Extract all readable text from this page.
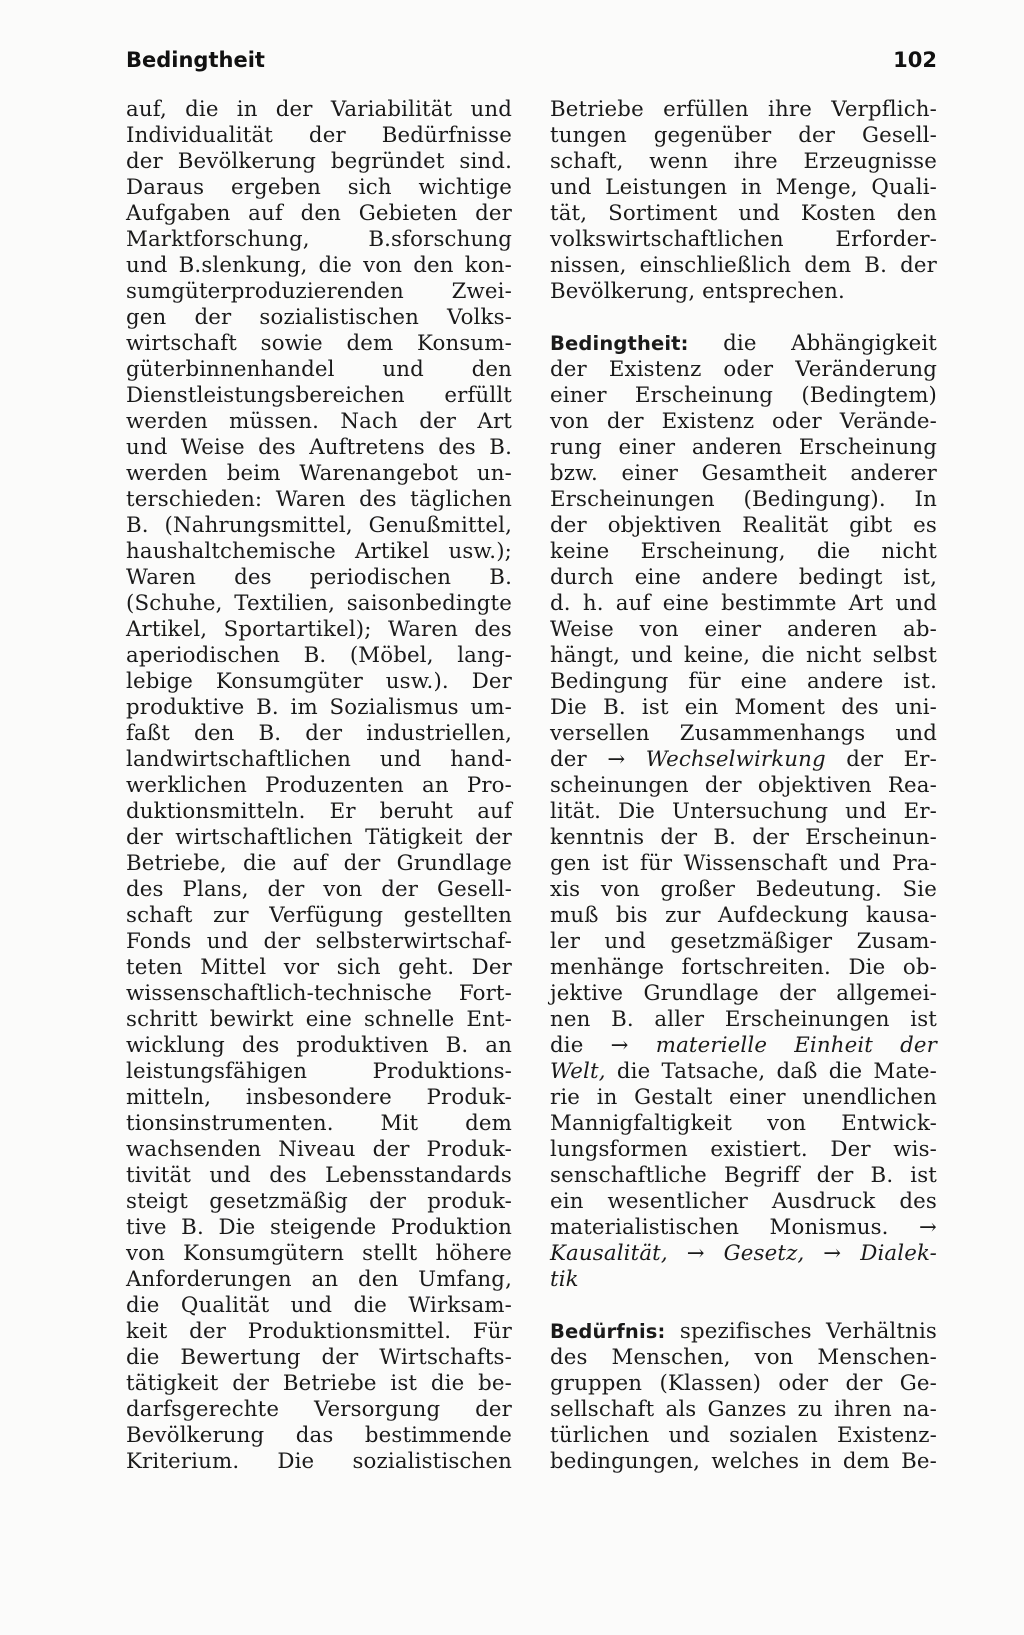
Bedingtheit	102
auf, die in der Variabilität und
Individualität der Bedürfnisse
der Bevölkerung begründet sind.
Daraus ergeben sich wichtige
Aufgaben auf den Gebieten der
Marktforschung, B.sforschung
und B.slenkung, die von den kon-
sumgüterproduzierenden Zwei-
gen der sozialistischen Volks-
wirtschaft sowie dem Konsum-
güterbinnenhandel und den
Dienstleistungsbereichen erfüllt
werden müssen. Nach der Art
und Weise des Auftretens des B.
werden beim Warenangebot un-
terschieden: Waren des täglichen
B. (Nahrungsmittel, Genußmittel,
haushaltchemische Artikel usw.);
Waren des periodischen B.
(Schuhe, Textilien, saisonbedingte
Artikel, Sportartikel); Waren des
aperiodischen B. (Möbel, lang-
lebige Konsumgüter usw.). Der
produktive B. im Sozialismus um-
faßt den B. der industriellen,
landwirtschaftlichen und hand-
werklichen Produzenten an Pro-
duktionsmitteln. Er beruht auf
der wirtschaftlichen Tätigkeit der
Betriebe, die auf der Grundlage
des Plans, der von der Gesell-
schaft zur Verfügung gestellten
Fonds und der selbsterwirtschaf-
teten Mittel vor sich geht. Der
wissenschaftlich-technische Fort-
schritt bewirkt eine schnelle Ent-
wicklung des produktiven B. an
leistungsfähigen Produktions-
mitteln, insbesondere Produk-
tionsinstrumenten. Mit dem
wachsenden Niveau der Produk-
tivität und des Lebensstandards
steigt gesetzmäßig der produk-
tive B. Die steigende Produktion
von Konsumgütern stellt höhere
Anforderungen an den Umfang,
die Qualität und die Wirksam-
keit der Produktionsmittel. Für
die Bewertung der Wirtschafts-
tätigkeit der Betriebe ist die be-
darfsgerechte Versorgung der
Bevölkerung das bestimmende
Kriterium. Die sozialistischen
Betriebe erfüllen ihre Verpflich-
tungen gegenüber der Gesell-
schaft, wenn ihre Erzeugnisse
und Leistungen in Menge, Quali-
tät, Sortiment und Kosten den
volkswirtschaftlichen Erforder-
nissen, einschließlich dem B. der
Bevölkerung, entsprechen.
Bedingtheit: die Abhängigkeit
der Existenz oder Veränderung
einer Erscheinung (Bedingtem)
von der Existenz oder Verände-
rung einer anderen Erscheinung
bzw. einer Gesamtheit anderer
Erscheinungen (Bedingung). In
der objektiven Realität gibt es
keine Erscheinung, die nicht
durch eine andere bedingt ist,
d. h. auf eine bestimmte Art und
Weise von einer anderen ab-
hängt, und keine, die nicht selbst
Bedingung für eine andere ist.
Die B. ist ein Moment des uni-
versellen Zusammenhangs und
der → Wechselwirkung der Er-
scheinungen der objektiven Rea-
lität. Die Untersuchung und Er-
kenntnis der B. der Erscheinun-
gen ist für Wissenschaft und Pra-
xis von großer Bedeutung. Sie
muß bis zur Aufdeckung kausa-
ler und gesetzmäßiger Zusam-
menhänge fortschreiten. Die ob-
jektive Grundlage der allgemei-
nen B. aller Erscheinungen ist
die → materielle Einheit der
Welt, die Tatsache, daß die Mate-
rie in Gestalt einer unendlichen
Mannigfaltigkeit von Entwick-
lungsformen existiert. Der wis-
senschaftliche Begriff der B. ist
ein wesentlicher Ausdruck des
materialistischen Monismus. →
Kausalität, → Gesetz, → Dialek-
tik
Bedürfnis: spezifisches Verhältnis
des Menschen, von Menschen-
gruppen (Klassen) oder der Ge-
sellschaft als Ganzes zu ihren na-
türlichen und sozialen Existenz-
bedingungen, welches in dem Be-
